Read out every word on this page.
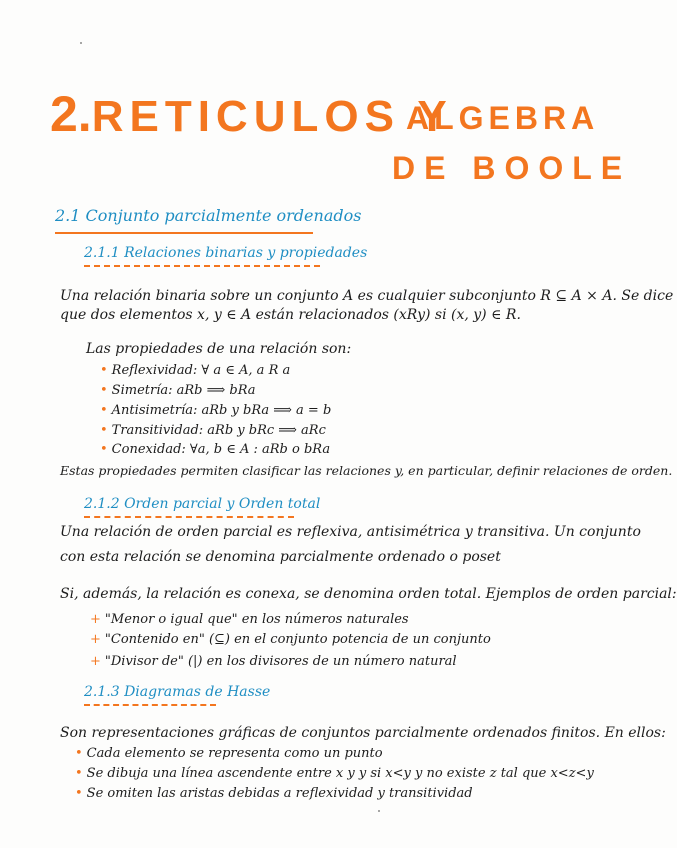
2.RETICULOS Y
ALGEBRA
DE BOOLE
2.1 Conjunto parcialmente ordenados
2.1.1 Relaciones binarias y propiedades
Una relación binaria sobre un conjunto A es cualquier subconjunto R ⊆ A × A. Se dice
que dos elementos x, y ∈ A están relacionados (xRy) si (x, y) ∈ R.
Las propiedades de una relación son:
• Reflexividad: ∀ a ∈ A, a R a
• Simetría: aRb ⟹ bRa
• Antisimetría: aRb y bRa ⟹ a = b
• Transitividad: aRb y bRc ⟹ aRc
• Conexidad: ∀a, b ∈ A : aRb o bRa
Estas propiedades permiten clasificar las relaciones y, en particular, definir relaciones de orden.
2.1.2 Orden parcial y Orden total
Una relación de orden parcial es reflexiva, antisimétrica y transitiva. Un conjunto
con esta relación se denomina parcialmente ordenado o poset
Si, además, la relación es conexa, se denomina orden total. Ejemplos de orden parcial:
+ "Menor o igual que" en los números naturales
+ "Contenido en" (⊆) en el conjunto potencia de un conjunto
+ "Divisor de" (|) en los divisores de un número natural
2.1.3 Diagramas de Hasse
Son representaciones gráficas de conjuntos parcialmente ordenados finitos. En ellos:
• Cada elemento se representa como un punto
• Se dibuja una línea ascendente entre x y y si x<y y no existe z tal que x<z<y
• Se omiten las aristas debidas a reflexividad y transitividad
